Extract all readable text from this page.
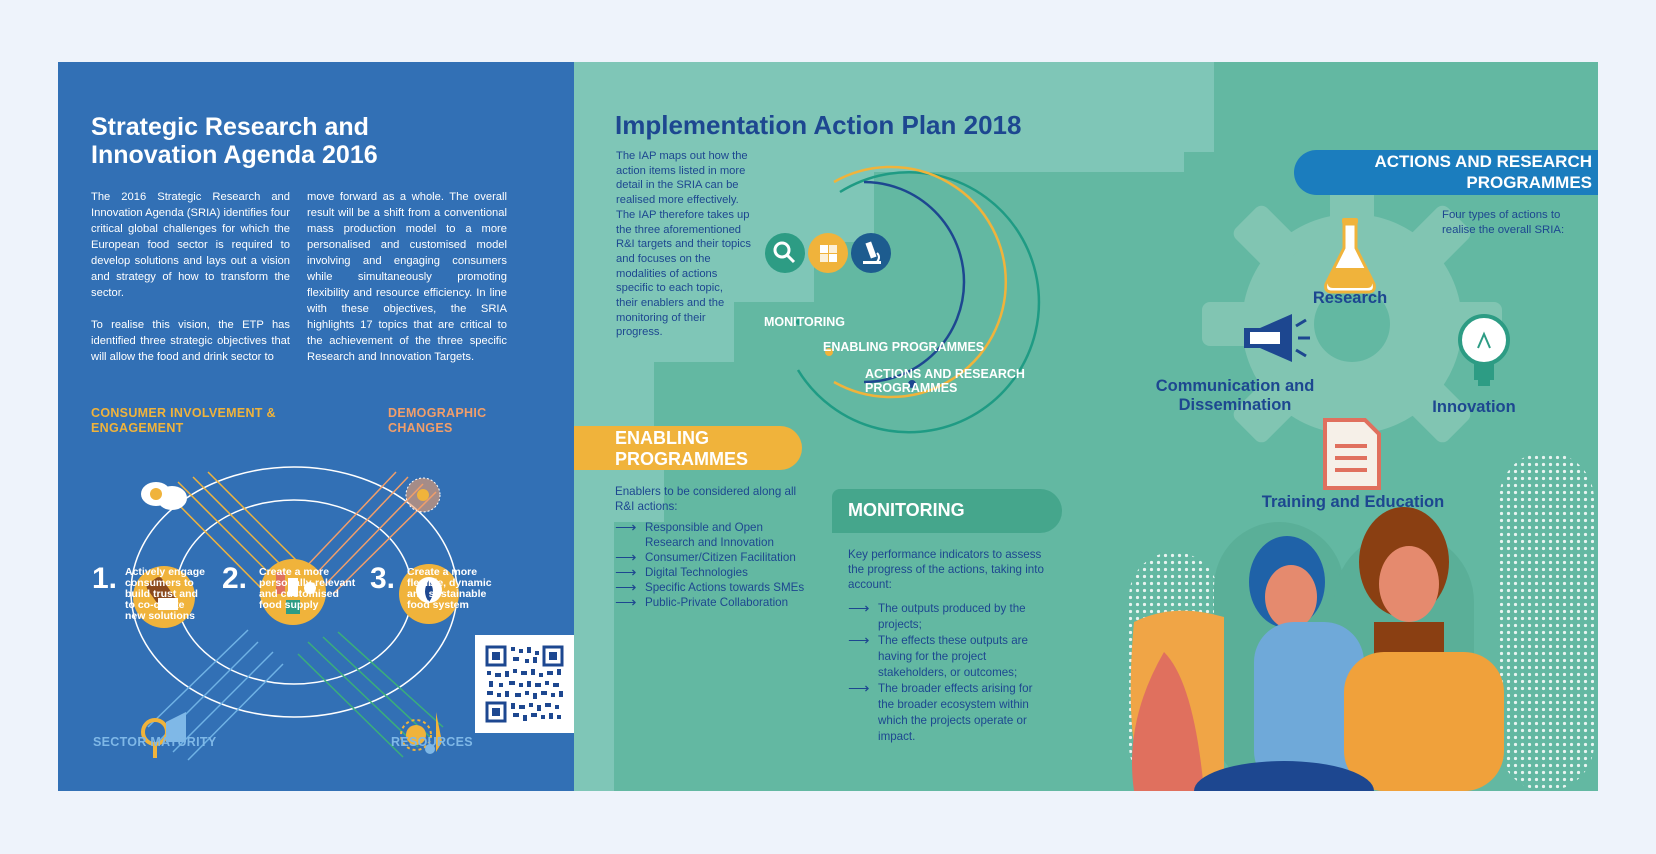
Strategic Research and
Innovation Agenda 2016
The 2016 Strategic Research and Innovation Agenda (SRIA) identifies four critical global challenges for which the European food sector is required to develop solutions and lays out a vision and strategy of how to transform the sector.
To realise this vision, the ETP has identified three strategic objectives that will allow the food and drink sector to
move forward as a whole. The overall result will be a shift from a conventional mass production model to a more personalised and customised model involving and engaging consumers while simultaneously promoting flexibility and resource efficiency. In line with these objectives, the SRIA highlights 17 topics that are critical to the achievement of the three specific Research and Innovation Targets.
CONSUMER INVOLVEMENT &
ENGAGEMENT
DEMOGRAPHIC
CHANGES
SECTOR MATURITY	RESOURCES
1. Actively engage
consumers to
build trust and
to co-create
new solutions
2. Create a more
personally-relevant
and customised
food supply
3. Create a more
flexible, dynamic
and sustainable
food system
Implementation Action Plan 2018
The IAP maps out how the
action items listed in more
detail in the SRIA can be
realised more effectively.
The IAP therefore takes up
the three aforementioned
R&I targets and their topics
and focuses on the
modalities of actions
specific to each topic,
their enablers and the
monitoring of their
progress.
MONITORING
ENABLING PROGRAMMES
ACTIONS AND RESEARCH
PROGRAMMES
ENABLING
PROGRAMMES
Enablers to be considered along all
R&I actions:
⟶ Responsible and Open
Research and Innovation
⟶ Consumer/Citizen Facilitation
⟶ Digital Technologies
⟶ Specific Actions towards SMEs
⟶ Public-Private Collaboration
MONITORING
Key performance indicators to assess
the progress of the actions, taking into
account:
⟶ The outputs produced by the
projects;
⟶ The effects these outputs are
having for the project
stakeholders, or outcomes;
⟶ The broader effects arising for
the broader ecosystem within
which the projects operate or
impact.
ACTIONS AND RESEARCH
PROGRAMMES
Four types of actions to
realise the overall SRIA:
Research
Communication and
Dissemination	Innovation
Training and Education
